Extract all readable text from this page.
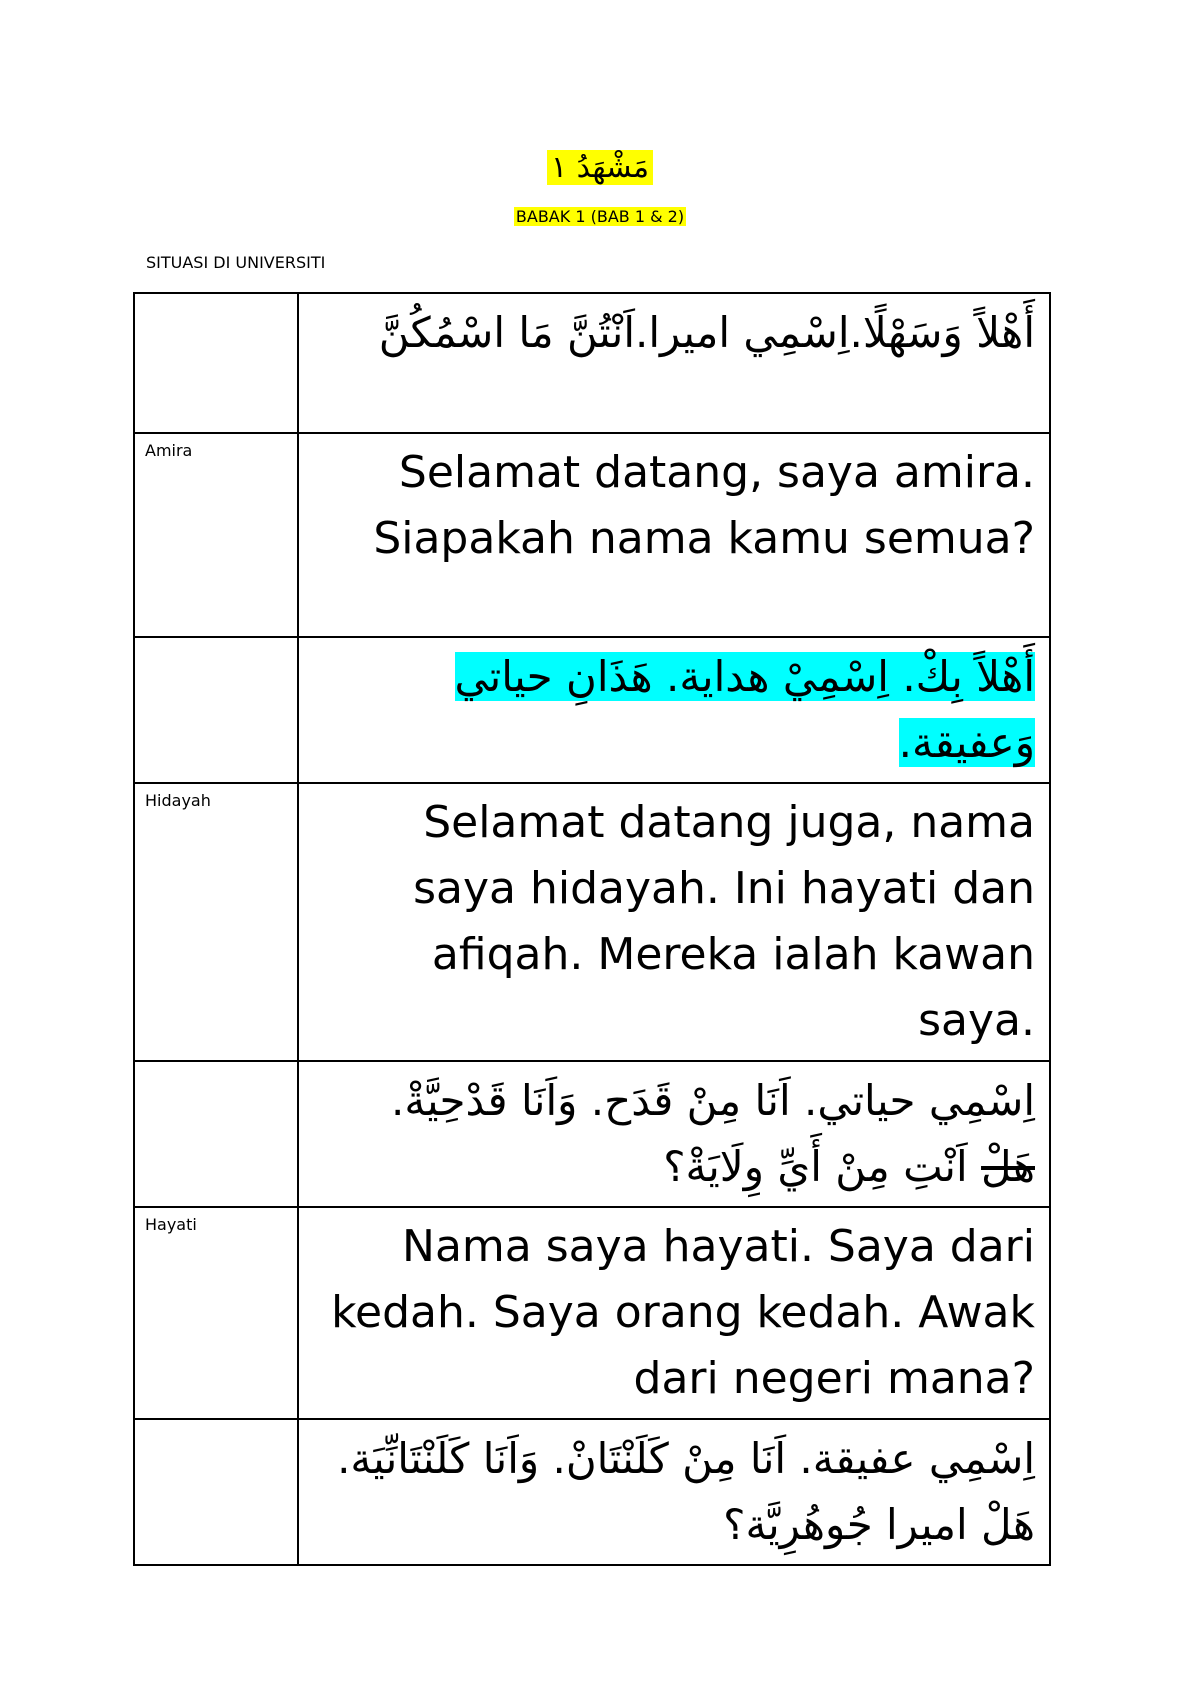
مَشْهَدُ ١
BABAK 1 (BAB 1 & 2)
SITUASI DI UNIVERSITI

	أَهْلاً وَسَهْلًا.اِسْمِي اميرا.اَنْتُنَّ مَا اسْمُكُنَّ

Amira	Selamat datang, saya amira. Siapakah nama kamu semua?

	أَهْلاً بِكْ. اِسْمِيْ هداية. هَذَانِ حياتي وَعفيقة.

Hidayah	Selamat datang juga, nama saya hidayah. Ini hayati dan afiqah. Mereka ialah kawan saya.

	اِسْمِي حياتي. اَنَا مِنْ قَدَح. وَاَنَا قَدْحِيَّةْ. هَلْ اَنْتِ مِنْ أَيِّ وِلَايَةْ؟

Hayati	Nama saya hayati. Saya dari kedah. Saya orang kedah. Awak dari negeri mana?

	اِسْمِي عفيقة. اَنَا مِنْ كَلَنْتَانْ. وَاَنَا كَلَنْتَانِّيَة. هَلْ اميرا جُوهُرِيَّة؟
